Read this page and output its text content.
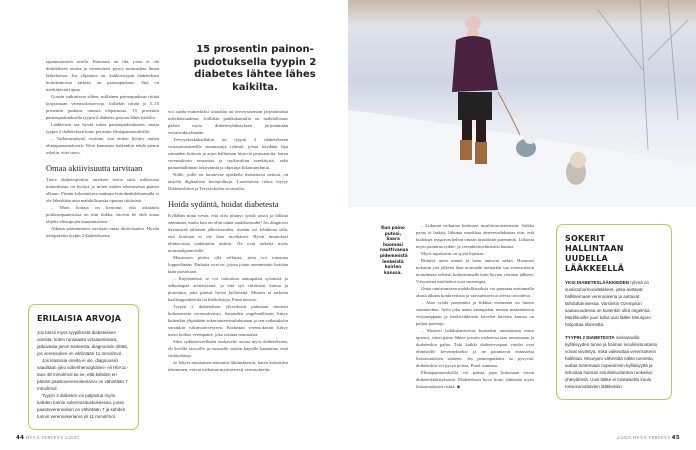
15 prosentin painon-pudotuksella tyypin 2 diabetes lähtee lähes kaikilta.

tapamuutosten avulla. Remissio on tila, jossa ei ole diabeteksen oireita ja verensokeri pysyy normaalina ilman lääkehoitoa. Jos ylipainoa on, kakkostyypin diabeteksen hoitokeinoista tärkein on painonpudotus. Sitä on merkittävästi apua.

Gosnin vaikuttavat siihen, millainen painonpudotus riittää korjaamaan verensokeriarvoja. Joillekin riittää jo 5–10 prosentin pudotus omasta elopainosta. 15 prosentin painonpudotuksella tyypin 2 diabetes poistuu lähes kaikilta.

Lääkkeistä saa hyvää tukea painonpudotukseen, mutta tyypin 2 diabeteksen hoito perustuu elintapamuutoksille.

– Tutkimusnäyttö osoittaa, että eniten hyötyy eniten elintapamuutoksista. Niitä kannattaa kaikenkin tehdä pienin askelin, ettei uuvu.

Omaa aktiivisuutta tarvitaan

Tuore diabetespotilas tarvitsee tietoa siitä, millaisista muutoksista on hyötyä ja miten niiden tekemisessä pääsee alkuun. Pirnän kokemuksen mukaan hoitohenkilökunnalla ei ole läheskään aina mahdollisuutta opastaa riittävästi.

– Moni hoitaja on kertonut, että aikataulu potilastapaamisissa on niin tiukka, etteivät he ehdi antaa ohjeita elintapojen muuttamiseen.

Alkuun pääsemiseen tarvitaan omaa aktiivisuutta. Hyvän tietopaketin tyypin 2 diabeteksesta

ERILAISIA ARVOJA

Jos kärsii myös tyypillisistä diabeteksen oireista, kuten runsaasta virtsaamisesta, jatkuvasta janon tunteesta, diagnoosiin riittää, jos verensokeri on vähintään 11 mmol/mol.

Jos klassisia oireita ei ole, diagnoosiin vaaditaan joko sokerihemoglobiini- eli HbA1c-taso 48 mmol/mol tai se, että kahden eri päivän paastoverensokeriarvo on vähintään 7 mmol/mol.

Tyypin 2 diabetes voi paljastua myös kahden tunnin sokerirasituskokeessa, jossa paastoverensokeri on vähintään 7 ja kahden tunnin verensokeriarvo yli 11 mmol/mol.

voi saada esimerkiksi sairaalan tai terveysaseman järjestämästä infotilaisuudesta. Joillakin paikkakunnilla on mahdollisuus päästä myös diabetesyhdistyksen järjestämään vertaistukiryhmään.

Terveyskeskuksillakin on tyypin 2 diabetekseen vastasairastuneille suunnattuja ryhmiä, joissa käydään läpi sairauden hoitoon ja arjen hallintaan liittyviä perusasioita, kuten verensokerin seurantaa ja ruokavalion merkitystä, sekä painonhallinnan tukiryhmiä ja ohjattuja liikuntaryhmiä.

Niille, joille on luontevaa opiskella itsenäisesti netissä, on tarjolla digitaalisia hoitopolkuja. Luotettavaa tietoa löytyy Diabetesliiton ja Terveyskylän sivustoilta.

Hoida sydäntä, hoidat diabetesta

Kyllähän mina tiesin, että olisi pitänyt syödä toisin ja liikkua enemmän, mutta kun on ollut nämä nauhkavuudet! Jos diagnoosi käynnistää tällaisen jälkiviisauden, itseään voi lohduttaa sillä, että koskaan ei ole liian myöhäistä. Hyvät muutokset elintavoissa vaikuttavat aidosti. Ne ovat tärkeitä myös normaalipainoisille.

Muutosten pitäisi olla sellaisia, joita voi toteuttaa loppuelämän. Parhaita ovat ne, joissa jotain enemmenin lisätään kuin poistetaan.

– Käytännössä se voi tarkoittaa aamupalan syömistä ja selkeämpää ateriarytmiä, ja että syö riittävästi kuitua ja proteiinia, joka pitävät hyvin kylläisenä. Muutos ei tarkoita kaalisoppadieettiä tai kieltolistoja, Pirnä neuvoo.

Tyypin 2 diabeteksen yhteydessä puhutaan monesti kohonneesta verensokerista. Sairauden ongelmallisuus liittyy kuitenkin ylipäätään sokeriaineenvaihduntaan ja sen vaikutuksiin varsinkin valtimoterveyteen. Korkeaan verensokeriin liittyy usein korkea verenpaine, joka rasittaa munuaisia.

Siksi sydänterveellinen ruokavalio auttaa myös diabetekseen, eli koville rasvoille ja runsaalle suolan käytölle kannattaa etsiä vaihtoehtoja.

Jo lyhyet muutaman minuutin liikuntakerrat, kuten kotitöiden tekeminen, voivat vaikuttaa myönteisesti verensokeriin.

Kun paino putosi, Saara huomasi nauttivansa pidemmistä lenkeistä koirien kanssa.

– Liikunta vaikuttaa kudosten insuliiniresistenssiin. Vaikka paino ei laskisi, liikunta muokkaa aineenvaihduntaa niin, että kudokset reagoivat kehon omaan insuliiniin paremmin. Liikunta myös parantaa sydän- ja verenkiertoelimistön kuntoa.

Myös tupakointi on syytä lopettaa.

Riittävä unen määrä ja laatu auttavat nekin. Huonosti nukutun yön jälkeen ihan normaalit ateriatkin saa verensokerin nousemaan selvästi korkeammalle kuin hyvien yöunien jälkeen. Väsyneenä mielitekot ovat suurempia.

Omia onnistumisen mahdollisuuksia voi parantaa asettamalla alusta alkaen konkreettisia ja saavutettavissa olevia tavoitteita.

– Alan syödä paremmin ja liikkua enemmän on huono suunnitelma. Syön joka aamu aamupalan, menen maanantaisin vesijumppaan ja keskiviikkoisin kävelen kaverin kanssa on paljon parempi.

– Monesti laihduttamisessa kuitenkin onnistutaan ensin upeasti, sitten paino lähtee jossain vaiheessa taas nousemaan ja diabeteskin palaa. Toki kaikki diabetesvapaat vuodet ovat elimistölle kevennykseksi ja ne parantavat ennustetta lisäsairauksien suhteen. Jos painonpudotus on pysyvää, diabeteskin voi pysyä poissa, Pirnä summaa.

Elintapamuutoksilla voi päästä jopa kokonaan eroon diabeteslääkityksestä. Diabeteksen hyvä hoito vähentää myös lisäsairauksien riskiä. ◆

SOKERIT HALLINTAAN UUDELLA LÄÄKKEELLÄ

YKSI DIABETESLÄÄKKEIDEN ryhmä on suolistohormonilääkkeet, jotka auttavat hallitsemaan verensokeria ja auttavat laihduttamisessa. Varsinkin Ozempicin saatavuudessa on kuitenkin ollut ongelmia. Markkinoille juuri tullut uusi lääke Mounjaro helpottaa tilannetta.

TYYPIN 2 DIABETESTA sairastavilla kylläisyyden tunne ja haiman insuliinintuotanto voivat viivästyä, mikä vaikeuttaa verensokerin hallintaa. Mounjaro vähentää nälän tunnetta, auttaa tuntemaan nopeammin kylläisyyttä ja tehostaa haiman insuliinituotantoa ruokailun yhteydessä. Uusi lääke ei toistaiseksi kuulu Kela-korvattavien lääkkeisiin.

44 HYVÄ TERVEYS 2/2025	2/2025 HYVÄ TERVEYS 45
